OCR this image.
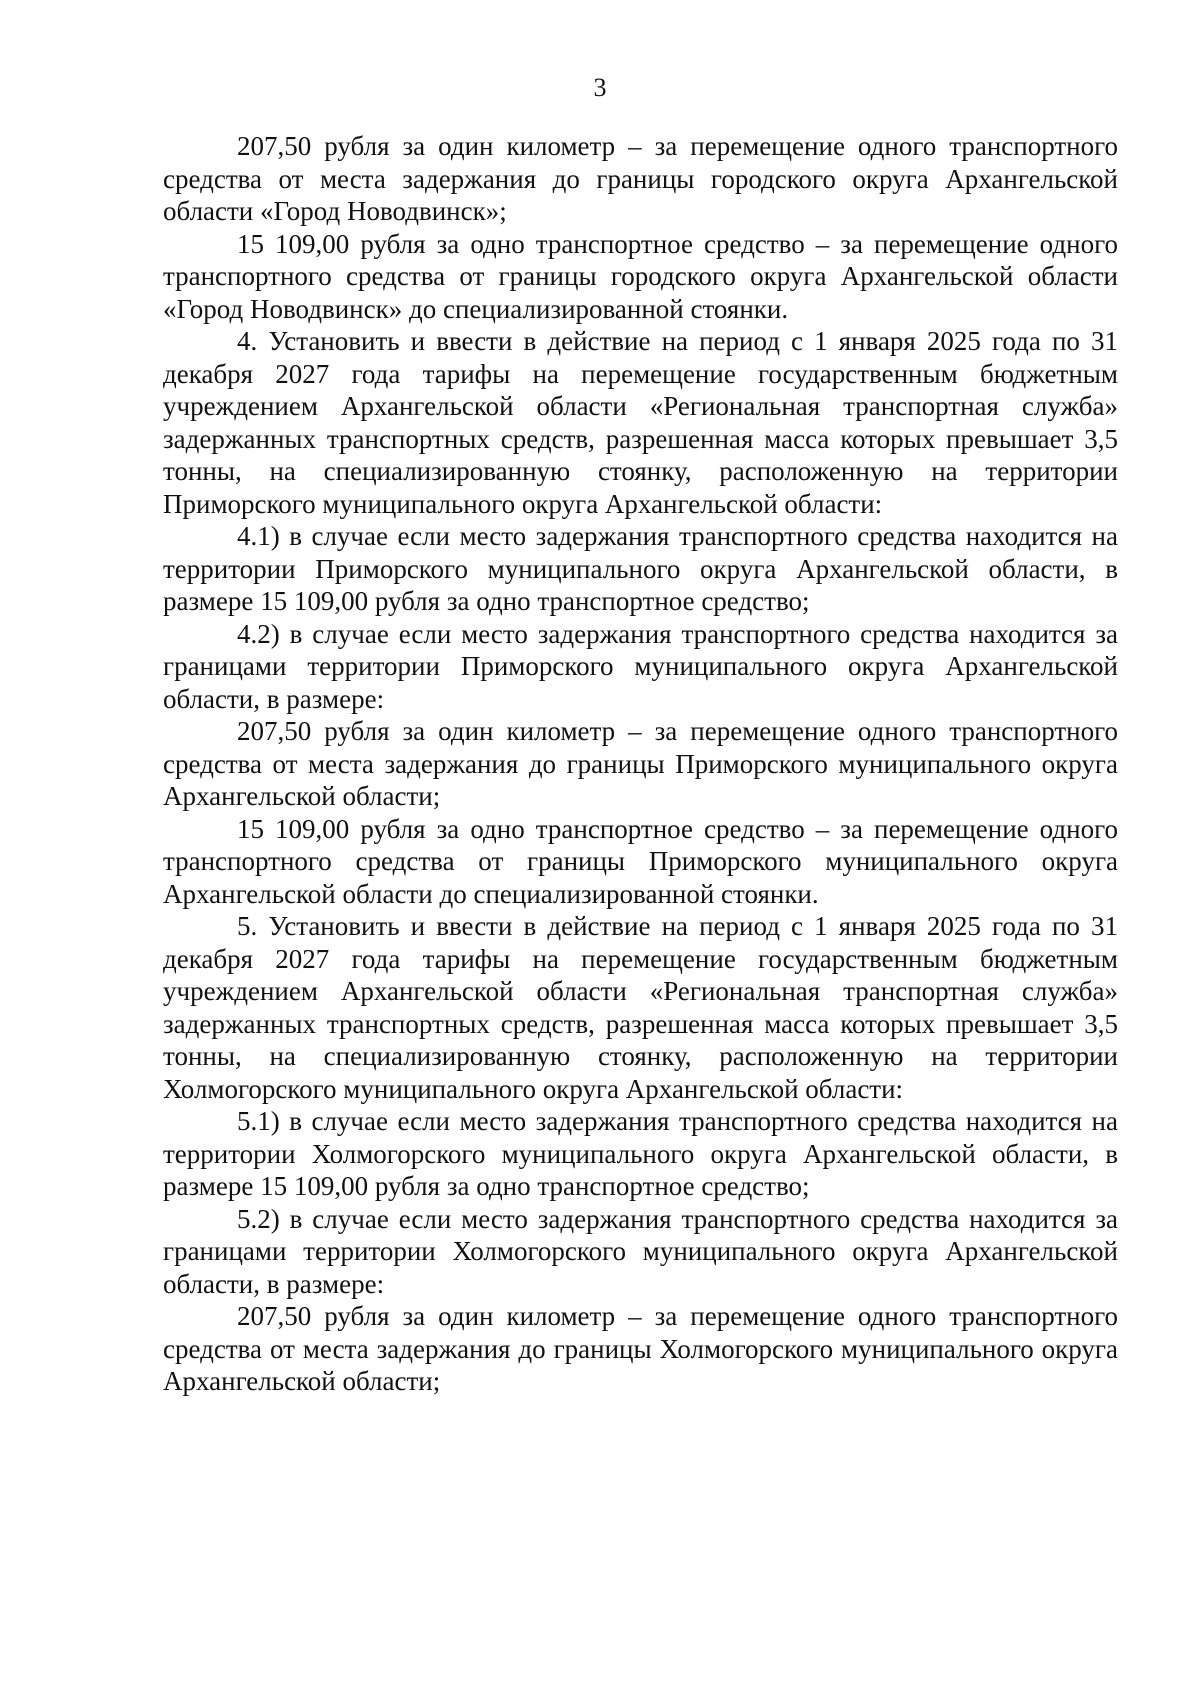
3

207,50 рубля за один километр – за перемещение одного транспортного средства от места задержания до границы городского округа Архангельской области «Город Новодвинск»;

15 109,00 рубля за одно транспортное средство – за перемещение одного транспортного средства от границы городского округа Архангельской области «Город Новодвинск» до специализированной стоянки.

4. Установить и ввести в действие на период с 1 января 2025 года по 31 декабря 2027 года тарифы на перемещение государственным бюджетным учреждением Архангельской области «Региональная транспортная служба» задержанных транспортных средств, разрешенная масса которых превышает 3,5 тонны, на специализированную стоянку, расположенную на территории Приморского муниципального округа Архангельской области:

4.1) в случае если место задержания транспортного средства находится на территории Приморского муниципального округа Архангельской области, в размере 15 109,00 рубля за одно транспортное средство;

4.2) в случае если место задержания транспортного средства находится за границами территории Приморского муниципального округа Архангельской области, в размере:

207,50 рубля за один километр – за перемещение одного транспортного средства от места задержания до границы Приморского муниципального округа Архангельской области;

15 109,00 рубля за одно транспортное средство – за перемещение одного транспортного средства от границы Приморского муниципального округа Архангельской области до специализированной стоянки.

5. Установить и ввести в действие на период с 1 января 2025 года по 31 декабря 2027 года тарифы на перемещение государственным бюджетным учреждением Архангельской области «Региональная транспортная служба» задержанных транспортных средств, разрешенная масса которых превышает 3,5 тонны, на специализированную стоянку, расположенную на территории Холмогорского муниципального округа Архангельской области:

5.1) в случае если место задержания транспортного средства находится на территории Холмогорского муниципального округа Архангельской области, в размере 15 109,00 рубля за одно транспортное средство;

5.2) в случае если место задержания транспортного средства находится за границами территории Холмогорского муниципального округа Архангельской области, в размере:

207,50 рубля за один километр – за перемещение одного транспортного средства от места задержания до границы Холмогорского муниципального округа Архангельской области;
